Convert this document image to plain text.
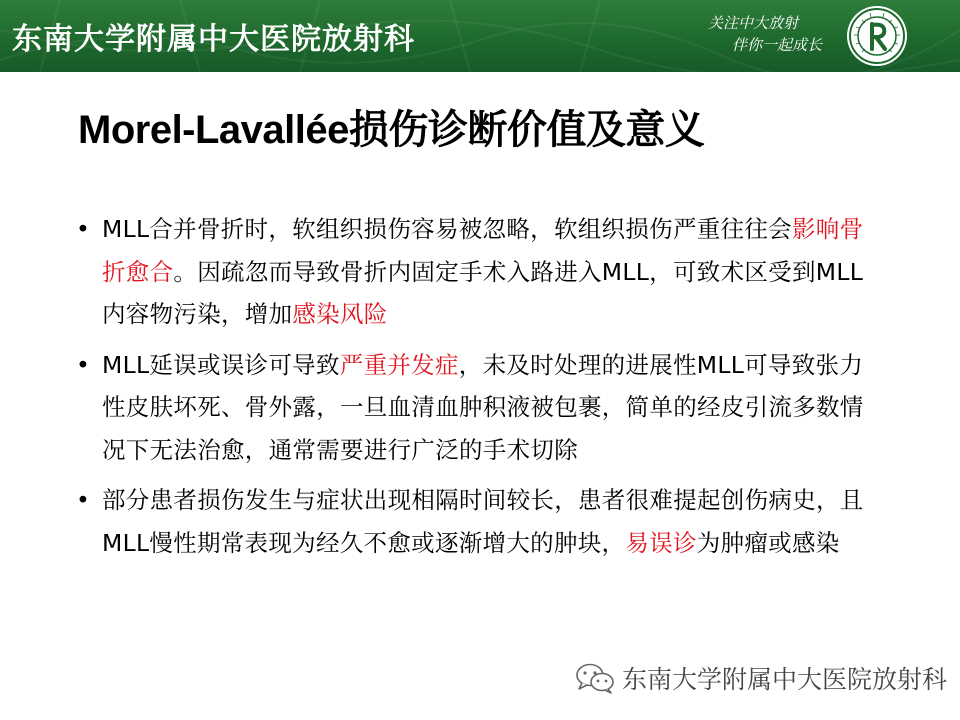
东南大学附属中大医院放射科	关注中大放射
伴你一起成长
Morel-Lavallée损伤诊断价值及意义
• MLL合并骨折时，软组织损伤容易被忽略，软组织损伤严重往往会影响骨折愈合。因疏忽而导致骨折内固定手术入路进入MLL，可致术区受到MLL内容物污染，增加感染风险
• MLL延误或误诊可导致严重并发症，未及时处理的进展性MLL可导致张力性皮肤坏死、骨外露，一旦血清血肿积液被包裹，简单的经皮引流多数情况下无法治愈，通常需要进行广泛的手术切除
• 部分患者损伤发生与症状出现相隔时间较长，患者很难提起创伤病史，且MLL慢性期常表现为经久不愈或逐渐增大的肿块，易误诊为肿瘤或感染
东南大学附属中大医院放射科
